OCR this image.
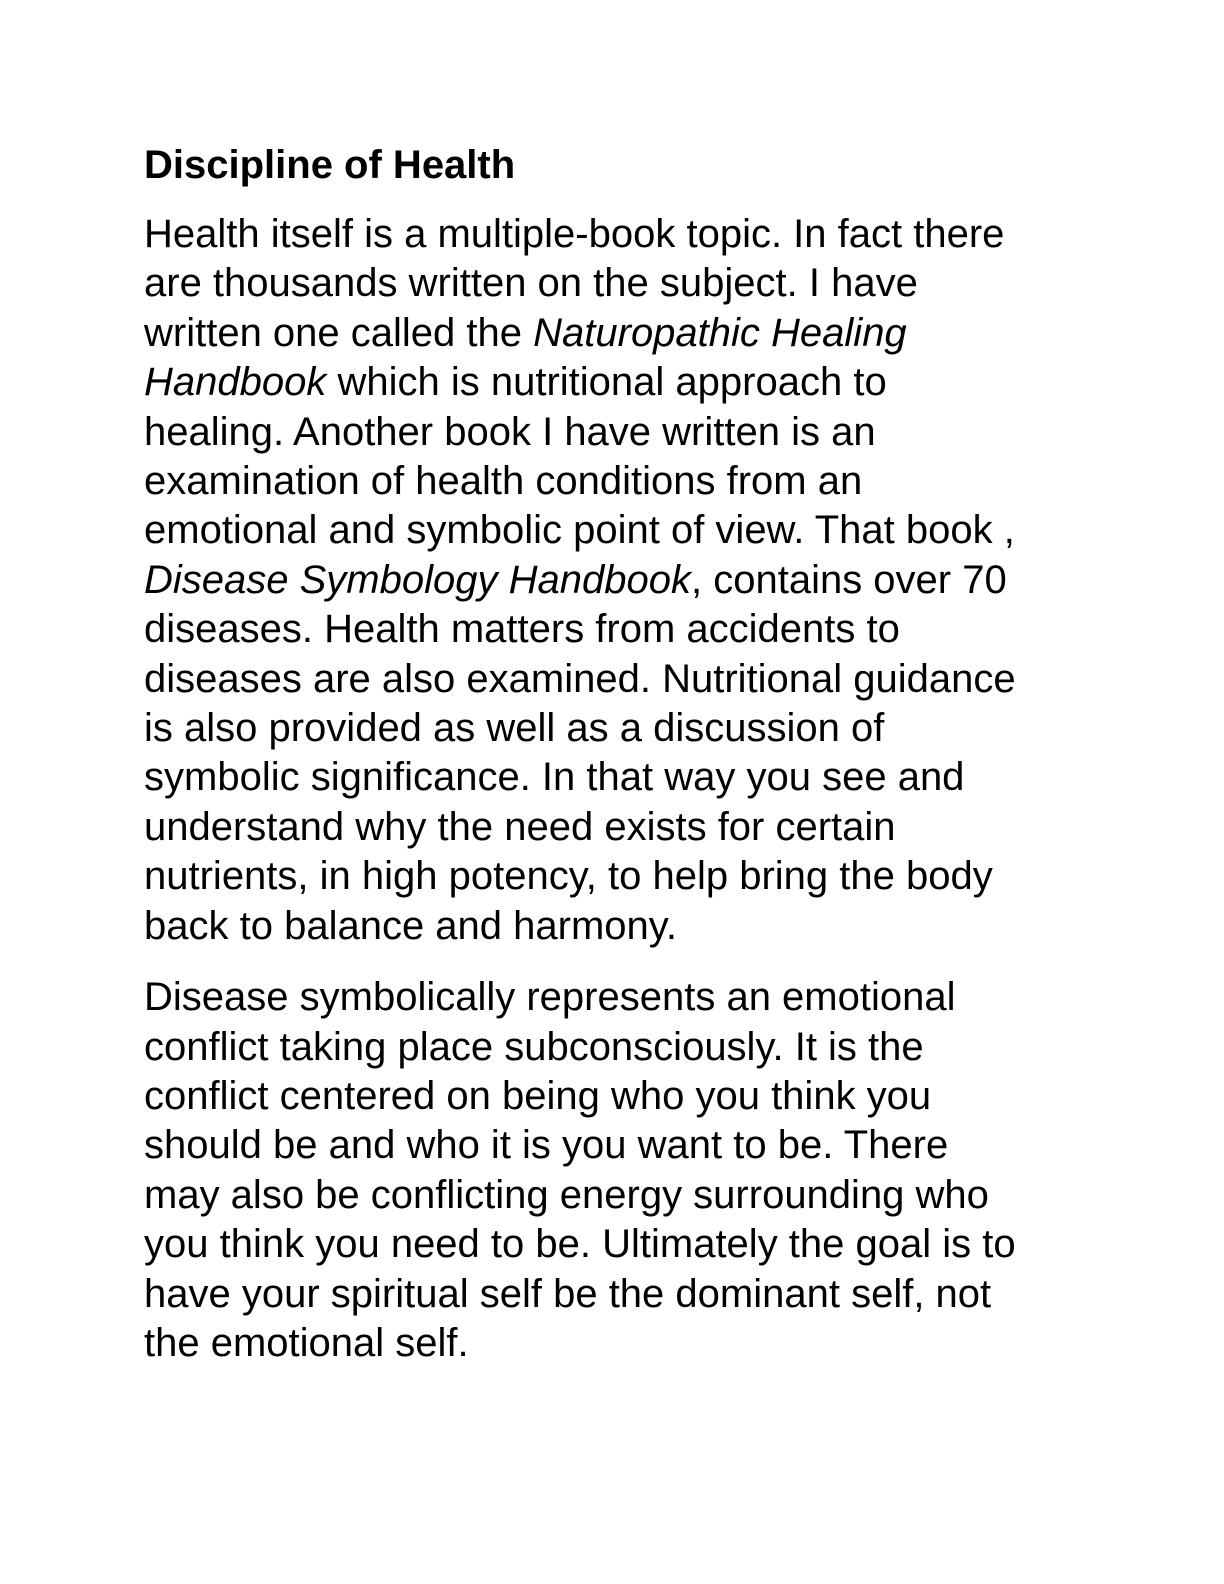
Discipline of Health

Health itself is a multiple-book topic. In fact there
are thousands written on the subject. I have
written one called the Naturopathic Healing
Handbook which is nutritional approach to
healing. Another book I have written is an
examination of health conditions from an
emotional and symbolic point of view. That book ,
Disease Symbology Handbook, contains over 70
diseases. Health matters from accidents to
diseases are also examined. Nutritional guidance
is also provided as well as a discussion of
symbolic significance. In that way you see and
understand why the need exists for certain
nutrients, in high potency, to help bring the body
back to balance and harmony.

Disease symbolically represents an emotional
conflict taking place subconsciously. It is the
conflict centered on being who you think you
should be and who it is you want to be. There
may also be conflicting energy surrounding who
you think you need to be. Ultimately the goal is to
have your spiritual self be the dominant self, not
the emotional self.
